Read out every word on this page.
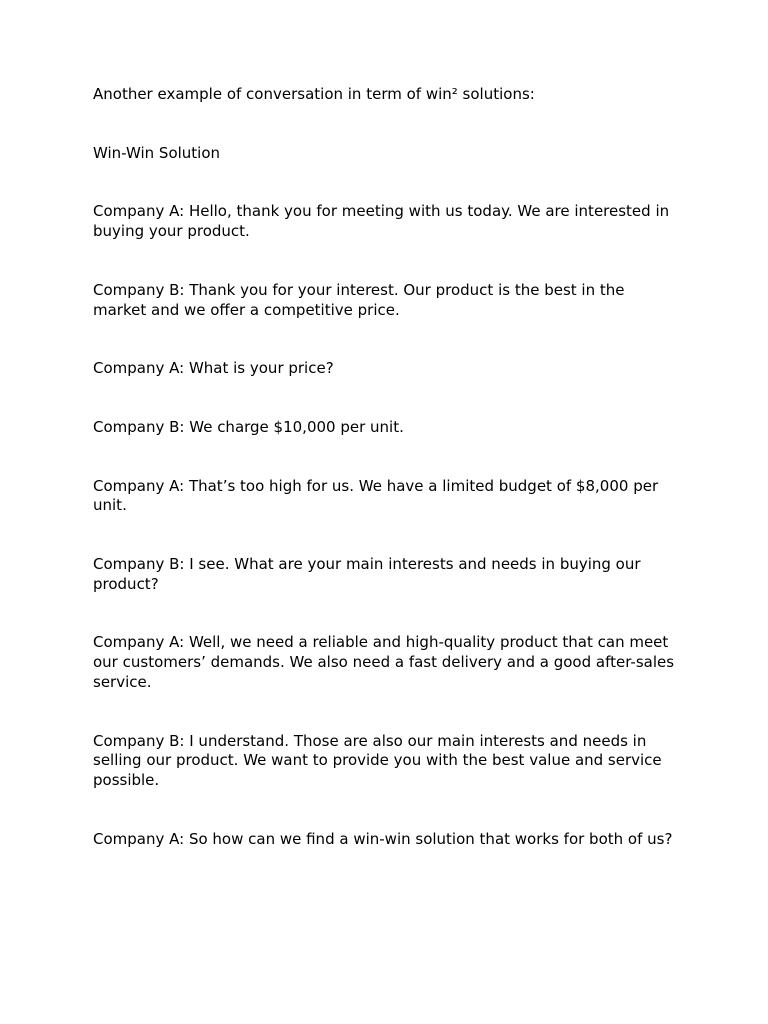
Another example of conversation in term of win² solutions:

Win-Win Solution

Company A: Hello, thank you for meeting with us today. We are interested in buying your product.

Company B: Thank you for your interest. Our product is the best in the market and we offer a competitive price.

Company A: What is your price?

Company B: We charge $10,000 per unit.

Company A: That’s too high for us. We have a limited budget of $8,000 per unit.

Company B: I see. What are your main interests and needs in buying our product?

Company A: Well, we need a reliable and high-quality product that can meet our customers’ demands. We also need a fast delivery and a good after-sales service.

Company B: I understand. Those are also our main interests and needs in selling our product. We want to provide you with the best value and service possible.

Company A: So how can we find a win-win solution that works for both of us?
